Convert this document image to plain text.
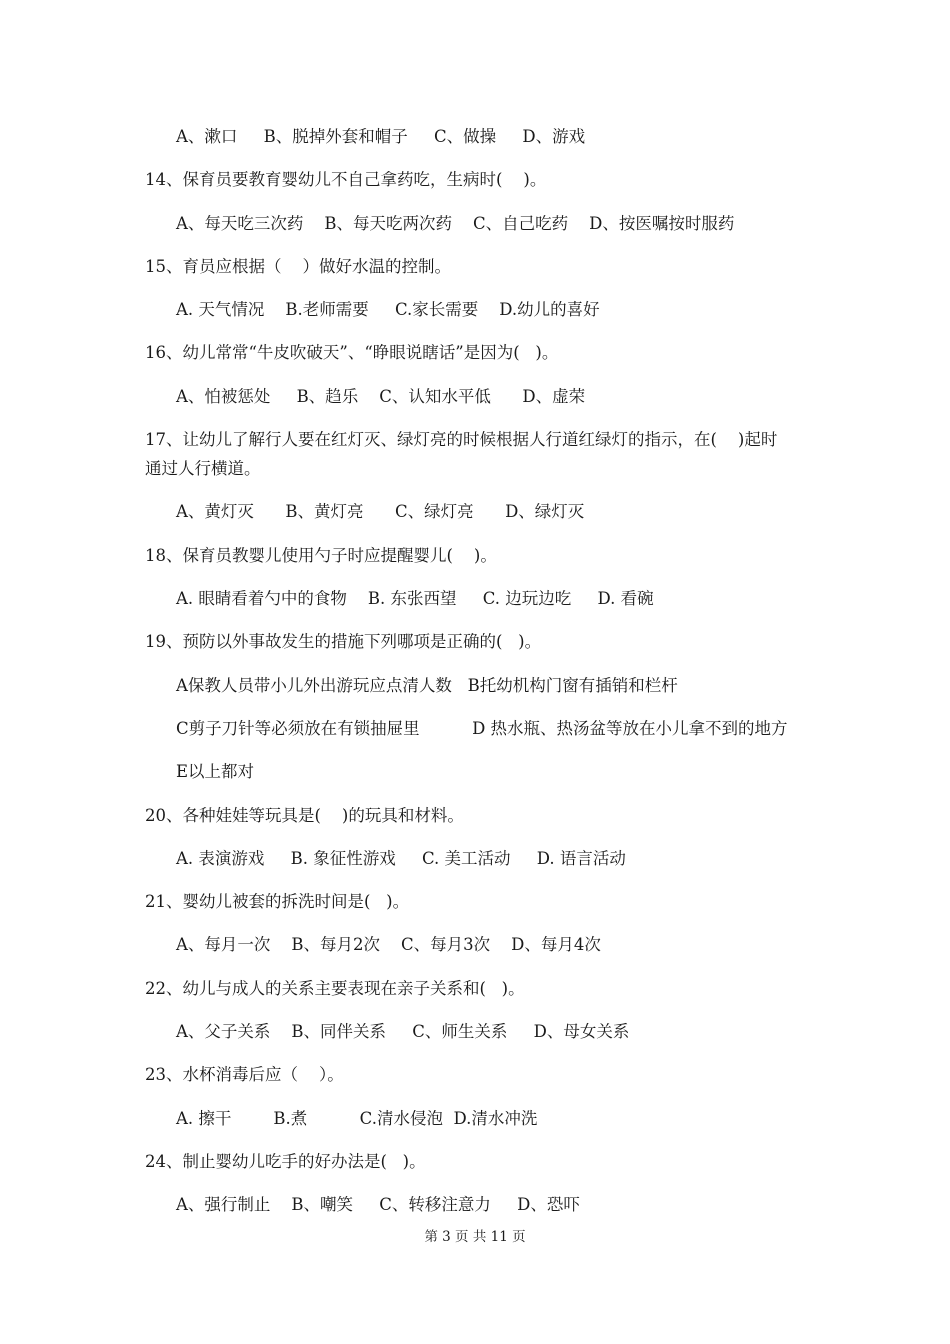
A、漱口     B、脱掉外套和帽子     C、做操     D、游戏
14、保育员要教育婴幼儿不自己拿药吃，生病时(    )。
A、每天吃三次药    B、每天吃两次药    C、自己吃药    D、按医嘱按时服药
15、育员应根据（    ）做好水温的控制。
A. 天气情况    B.老师需要     C.家长需要    D.幼儿的喜好
16、幼儿常常“牛皮吹破天”、“睁眼说瞎话”是因为(   )。
A、怕被惩处     B、趋乐    C、认知水平低      D、虚荣
17、让幼儿了解行人要在红灯灭、绿灯亮的时候根据人行道红绿灯的指示，在(    )起时
通过人行横道。
A、黄灯灭      B、黄灯亮      C、绿灯亮      D、绿灯灭
18、保育员教婴儿使用勺子时应提醒婴儿(    )。
A. 眼睛看着勺中的食物    B. 东张西望     C. 边玩边吃     D. 看碗
19、预防以外事故发生的措施下列哪项是正确的(   )。
A保教人员带小儿外出游玩应点清人数   B托幼机构门窗有插销和栏杆
C剪子刀针等必须放在有锁抽屉里          D 热水瓶、热汤盆等放在小儿拿不到的地方
E以上都对
20、各种娃娃等玩具是(    )的玩具和材料。
A. 表演游戏     B. 象征性游戏     C. 美工活动     D. 语言活动
21、婴幼儿被套的拆洗时间是(   )。
A、每月一次    B、每月2次    C、每月3次    D、每月4次
22、幼儿与成人的关系主要表现在亲子关系和(   )。
A、父子关系    B、同伴关系     C、师生关系     D、母女关系
23、水杯消毒后应（    ）。
A. 擦干        B.煮          C.清水侵泡  D.清水冲洗
24、制止婴幼儿吃手的好办法是(   )。
A、强行制止    B、嘲笑     C、转移注意力     D、恐吓
第 3 页 共 11 页
